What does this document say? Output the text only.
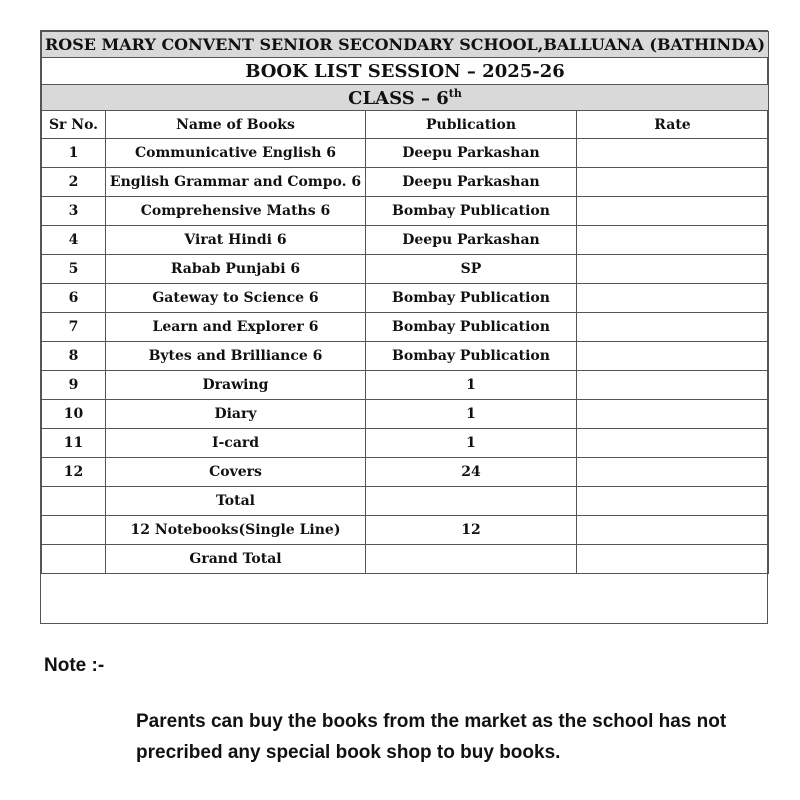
ROSE MARY CONVENT SENIOR SECONDARY SCHOOL,BALLUANA (BATHINDA)			
BOOK LIST SESSION – 2025-26			
CLASS – 6th
Sr No.	Name of Books	Publication	Rate
1	Communicative English 6	Deepu Parkashan	
2	English Grammar and Compo. 6	Deepu Parkashan	
3	Comprehensive Maths 6	Bombay Publication	
4	Virat Hindi 6	Deepu Parkashan	
5	Rabab Punjabi 6	SP	
6	Gateway to Science 6	Bombay Publication	
7	Learn and Explorer 6	Bombay Publication	
8	Bytes and Brilliance 6	Bombay Publication	
9	Drawing	1	
10	Diary	1	
11	I-card	1	
12	Covers	24	
	Total		
	12 Notebooks(Single Line)	12	
	Grand Total		
Note :-
Parents can buy the books from the market as the school has not precribed any special book shop to buy books.
